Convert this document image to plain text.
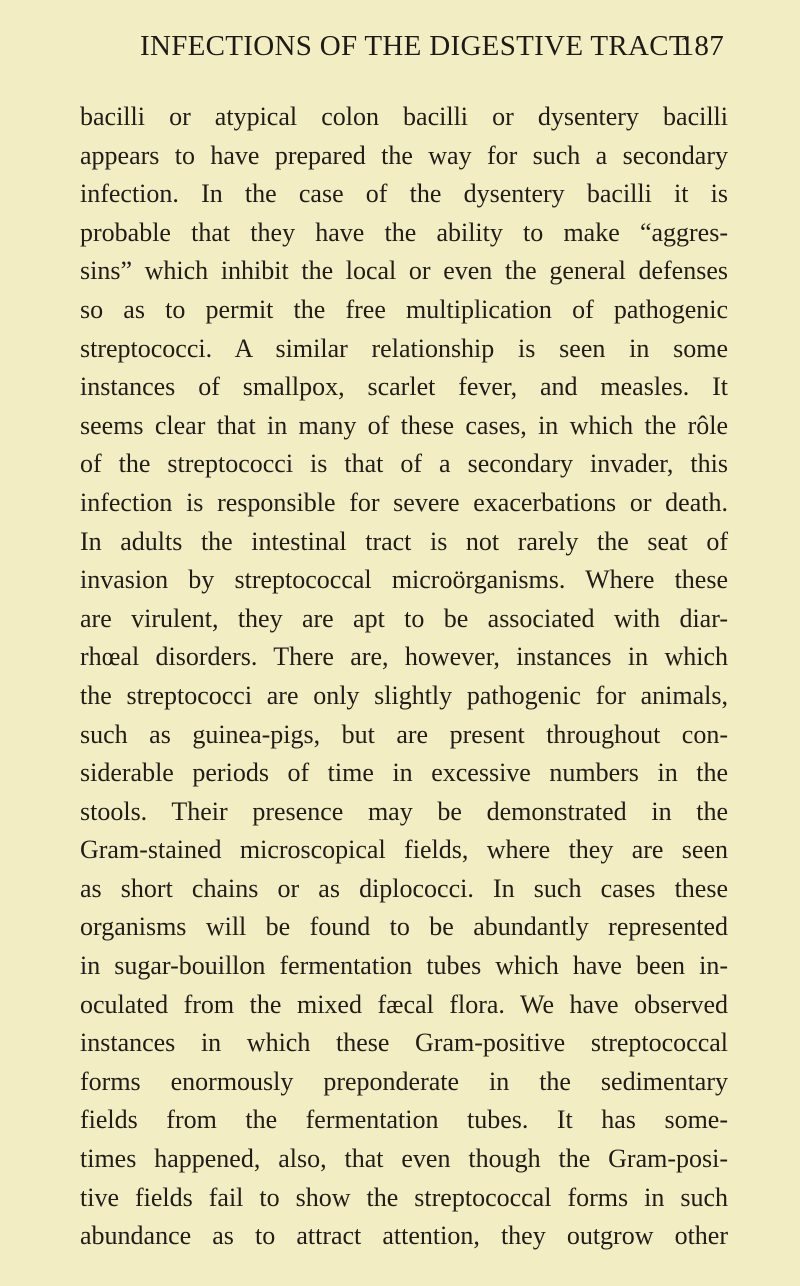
INFECTIONS OF THE DIGESTIVE TRACT
187
bacilli or atypical colon bacilli or dysentery bacilli
appears to have prepared the way for such a secondary
infection. In the case of the dysentery bacilli it is
probable that they have the ability to make “aggres-
sins” which inhibit the local or even the general defenses
so as to permit the free multiplication of pathogenic
streptococci. A similar relationship is seen in some
instances of smallpox, scarlet fever, and measles. It
seems clear that in many of these cases, in which the rôle
of the streptococci is that of a secondary invader, this
infection is responsible for severe exacerbations or death.
In adults the intestinal tract is not rarely the seat of
invasion by streptococcal microörganisms. Where these
are virulent, they are apt to be associated with diar-
rhœal disorders. There are, however, instances in which
the streptococci are only slightly pathogenic for animals,
such as guinea-pigs, but are present throughout con-
siderable periods of time in excessive numbers in the
stools. Their presence may be demonstrated in the
Gram-stained microscopical fields, where they are seen
as short chains or as diplococci. In such cases these
organisms will be found to be abundantly represented
in sugar-bouillon fermentation tubes which have been in-
oculated from the mixed fæcal flora. We have observed
instances in which these Gram-positive streptococcal
forms enormously preponderate in the sedimentary
fields from the fermentation tubes. It has some-
times happened, also, that even though the Gram-posi-
tive fields fail to show the streptococcal forms in such
abundance as to attract attention, they outgrow other
